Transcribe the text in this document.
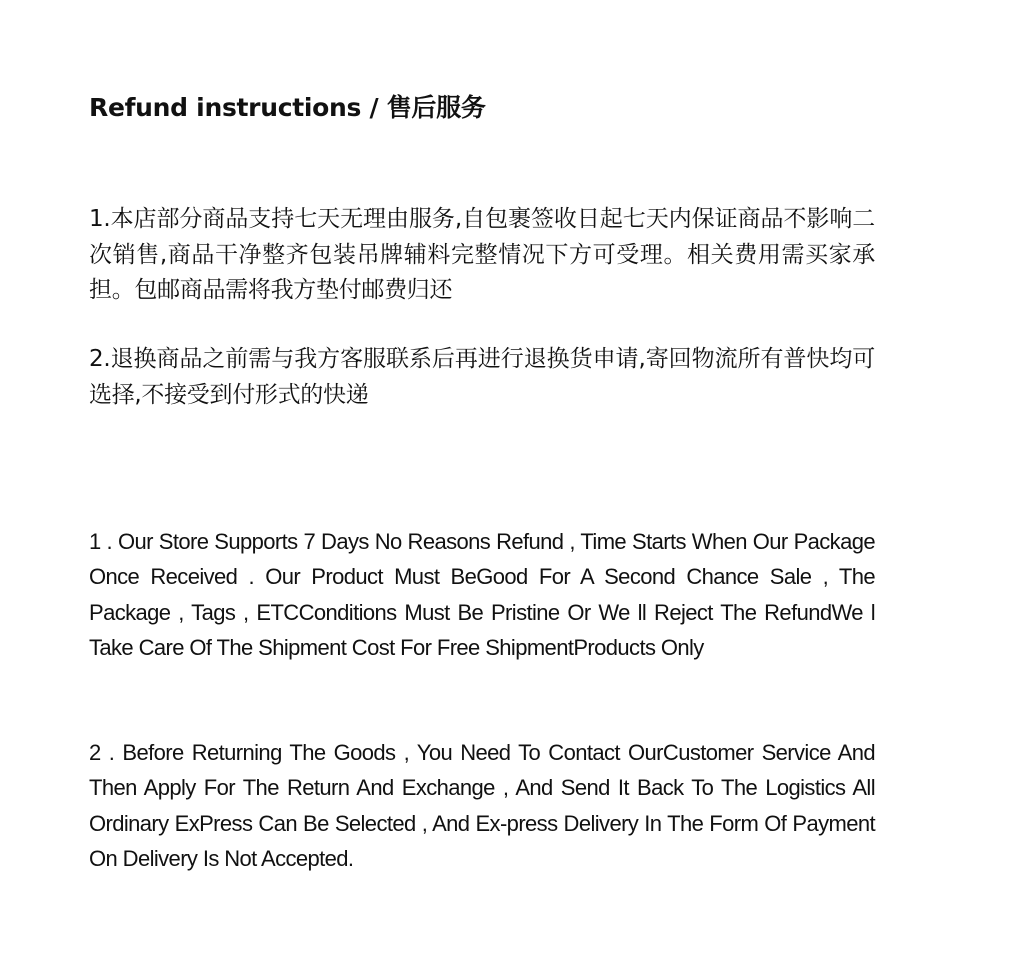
Refund instructions / 售后服务

1.本店部分商品支持七天无理由服务,自包裹签收日起七天内保证商品不影响二次销售,商品干净整齐包装吊牌辅料完整情况下方可受理。相关费用需买家承担。包邮商品需将我方垫付邮费归还

2.退换商品之前需与我方客服联系后再进行退换货申请,寄回物流所有普快均可选择,不接受到付形式的快递

1 . Our Store Supports 7 Days No Reasons Refund , Time Starts When Our Package Once Received . Our Product Must BeGood For A Second Chance Sale , The Package , Tags , ETCConditions Must Be Pristine Or We ll Reject The RefundWe l Take Care Of The Shipment Cost For Free ShipmentProducts Only

2 . Before Returning The Goods , You Need To Contact OurCustomer Service And Then Apply For The Return And Exchange , And Send It Back To The Logistics All Ordinary ExPress Can Be Selected , And Ex-press Delivery In The Form Of Payment On Delivery Is Not Accepted.
